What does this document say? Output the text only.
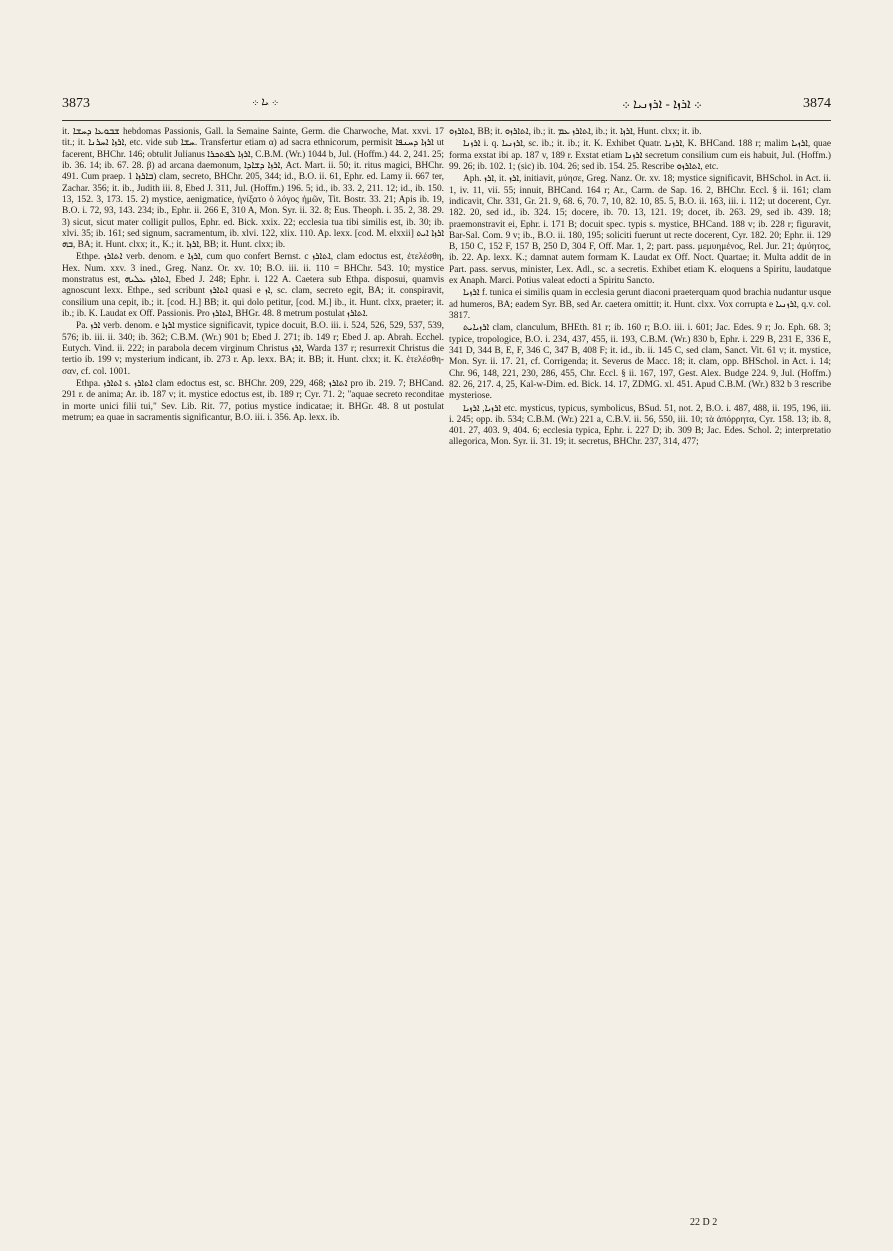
3873	܀ ܝܐ ܀	܀ ܐܪܙܐ - ܐܪܙܢܝܐ ܀	3874

it. ܫܒܘܥܐ ܕܚܫܐ hebdomas Passionis, Gall. la Semaine Sainte, Germ. die Charwoche, Mat. xxvi. 17 tit.; it. ܐܪܙܐ ܐܚܪܢܐ, etc. vide sub ܚܫܐ. Transfertur etiam α) ad sacra ethnicorum, permisit ܐܪܙܐ ܕܚܢܦܐ ut facerent, BHChr. 146; obtulit Julianus ܐܪܙܐ ܠܦܬܟܪܐ, C.B.M. (Wr.) 1044 b, Jul. (Hoffm.) 44. 2, 241. 25; ib. 36. 14; ib. 67. 28. β) ad arcana daemonum, ܐܪܙܐ ܕܫܐܕܐ, Act. Mart. ii. 50; it. ritus magici, BHChr. 491. Cum praep. ܒܐܪܙܐ 1) clam, secreto, BHChr. 205, 344; id., B.O. ii. 61, Ephr. ed. Lamy ii. 667 ter, Zachar. 356; it. ib., Judith iii. 8, Ebed J. 311, Jul. (Hoffm.) 196. 5; id., ib. 33. 2, 211. 12; id., ib. 150. 13, 152. 3, 173. 15. 2) mystice, aenigmatice, ἠνίξατο ὁ λόγος ἡμῶν, Tit. Bostr. 33. 21; Apis ib. 19, B.O. i. 72, 93, 143. 234; ib., Ephr. ii. 266 E, 310 A, Mon. Syr. ii. 32. 8; Eus. Theoph. i. 35. 2, 38. 29. 3) sicut, sicut mater colligit pullos, Ephr. ed. Bick. xxix. 22; ecclesia tua tibi similis est, ib. 30; ib. xlvi. 35; ib. 161; sed signum, sacramentum, ib. xlvi. 122, xlix. 110. Ap. lexx. [cod. M. elxxii] ܐܪܙܐ ܐܝܬ ܒܗ, BA; it. Hunt. clxx; it., K.; it. ܐܪܙܐ, BB; it. Hunt. clxx; ib.

Ethpe. ܐܬܐܪܙ verb. denom. e ܐܪܙܐ, cum quo confert Bernst. c ܐܬܐܪܙ, clam edoctus est, ἐτελέσθη, Hex. Num. xxv. 3 ined., Greg. Nanz. Or. xv. 10; B.O. iii. ii. 110 = BHChr. 543. 10; mystice monstratus est, ܐܬܐܪܙ ܥܠܝܗ, Ebed J. 248; Ephr. i. 122 A. Caetera sub Ethpa. disposui, quamvis agnoscunt lexx. Ethpe., sed scribunt ܐܬܐܪܙ quasi e ܐܙ, sc. clam, secreto egit, BA; it. conspiravit, consilium una cepit, ib.; it. [cod. H.] BB; it. qui dolo petitur, [cod. M.] ib., it. Hunt. clxx, praeter; it. ib.; ib. K. Laudat ex Off. Passionis. Pro ܐܬܐܪܙ, BHGr. 48. 8 metrum postulat ܐܬܐܪܙ.

Pa. ܐܪܙ verb. denom. e ܐܪܙܐ mystice significavit, typice docuit, B.O. iii. i. 524, 526, 529, 537, 539, 576; ib. iii. ii. 340; ib. 362; C.B.M. (Wr.) 901 b; Ebed J. 271; ib. 149 r; Ebed J. ap. Abrah. Ecchel. Eutych. Vind. ii. 222; in parabola decem virginum Christus ܐܪܙ, Warda 137 r; resurrexit Christus die tertio ib. 199 v; mysterium indicant, ib. 273 r. Ap. lexx. BA; it. BB; it. Hunt. clxx; it. K. ἐτελέσθη-σαν, cf. col. 1001.

Ethpa. ܐܬܐܪܙ s. ܐܬܐܪܙ clam edoctus est, sc. BHChr. 209, 229, 468; ܐܬܐܪܙ pro ib. 219. 7; BHCand. 291 r. de anima; Ar. ib. 187 v; it. mystice edoctus est, ib. 189 r; Cyr. 71. 2; "aquae secreto reconditae in morte unici filii tui," Sev. Lib. Rit. 77, potius mystice indicatae; it. BHGr. 48. 8 ut postulat metrum; ea quae in sacramentis significantur, B.O. iii. i. 356. Ap. lexx. ib.

ܐܬܐܪܙܘ, BB; it. ܐܬܐܪܙܘ, ib.; it. ܐܬܐܪܙ ܥܡ, ib.; it. ܐܪܙܐ, Hunt. clxx; it. ib.

ܐܪܙܢܐ i. q. ܐܪܙܢܝܐ, sc. ib.; it. ib.; it. K. Exhibet Quatr. ܐܪܙܢܐ, K. BHCand. 188 r; malim ܐܪܙܝܐ, quae forma exstat ibi ap. 187 v, 189 r. Exstat etiam ܐܪܙܢܐ secretum consilium cum eis habuit, Jul. (Hoffm.) 99. 26; ib. 102. 1; (sic) ib. 104. 26; sed ib. 154. 25. Rescribe ܐܬܐܪܙܘ, etc.

Aph. ܐܪܙ, it. ܐܪܙ, initiavit, μύησε, Greg. Nanz. Or. xv. 18; mystice significavit, BHSchol. in Act. ii. 1, iv. 11, vii. 55; innuit, BHCand. 164 r; Ar., Carm. de Sap. 16. 2, BHChr. Eccl. § ii. 161; clam indicavit, Chr. 331, Gr. 21. 9, 68. 6, 70. 7, 10, 82. 10, 85. 5, B.O. ii. 163, iii. i. 112; ut docerent, Cyr. 182. 20, sed id., ib. 324. 15; docere, ib. 70. 13, 121. 19; docet, ib. 263. 29, sed ib. 439. 18; praemonstravit ei, Ephr. i. 171 B; docuit spec. typis s. mystice, BHCand. 188 v; ib. 228 r; figuravit, Bar-Sal. Com. 9 v; ib., B.O. ii. 180, 195; soliciti fuerunt ut recte docerent, Cyr. 182. 20; Ephr. ii. 129 B, 150 C, 152 F, 157 B, 250 D, 304 F, Off. Mar. 1, 2; part. pass. μεμυημένος, Rel. Jur. 21; ἀμύητος, ib. 22. Ap. lexx. K.; damnat autem formam K. Laudat ex Off. Noct. Quartae; it. Multa addit de in Part. pass. servus, minister, Lex. Adl., sc. a secretis. Exhibet etiam K. eloquens a Spiritu, laudatque ex Anaph. Marci. Potius valeat edocti a Spiritu Sancto.

ܐܪܙܝܐ f. tunica ei similis quam in ecclesia gerunt diaconi praeterquam quod brachia nudantur usque ad humeros, BA; eadem Syr. BB, sed Ar. caetera omittit; it. Hunt. clxx. Vox corrupta e ܐܪܙܢܝܐ, q.v. col. 3817.

ܐܪܙܝܐܝܬ clam, clanculum, BHEth. 81 r; ib. 160 r; B.O. iii. i. 601; Jac. Edes. 9 r; Jo. Eph. 68. 3; typice, tropologice, B.O. i. 234, 437, 455, ii. 193, C.B.M. (Wr.) 830 b, Ephr. i. 229 B, 231 E, 336 E, 341 D, 344 B, E, F, 346 C, 347 B, 408 F; it. id., ib. ii. 145 C, sed clam, Sanct. Vit. 61 v; it. mystice, Mon. Syr. ii. 17. 21, cf. Corrigenda; it. Severus de Macc. 18; it. clam, opp. BHSchol. in Act. i. 14; Chr. 96, 148, 221, 230, 286, 455, Chr. Eccl. § ii. 167, 197, Gest. Alex. Budge 224. 9, Jul. (Hoffm.) 82. 26, 217. 4, 25, Kal-w-Dim. ed. Bick. 14. 17, ZDMG. xl. 451. Apud C.B.M. (Wr.) 832 b 3 rescribe mysteriose.

ܐܪܙܝܐ, ܐܪܙܝܐ etc. mysticus, typicus, symbolicus, BSud. 51, not. 2, B.O. i. 487, 488, ii. 195, 196, iii. i. 245; opp. ib. 534; C.B.M. (Wr.) 221 a, C.B.V. ii. 56, 550, iii. 10; τὰ ἀπόρρητα, Cyr. 158. 13; ib. 8, 401. 27, 403. 9, 404. 6; ecclesia typica, Ephr. i. 227 D; ib. 309 B; Jac. Edes. Schol. 2; interpretatio allegorica, Mon. Syr. ii. 31. 19; it. secretus, BHChr. 237, 314, 477;

22 D 2
